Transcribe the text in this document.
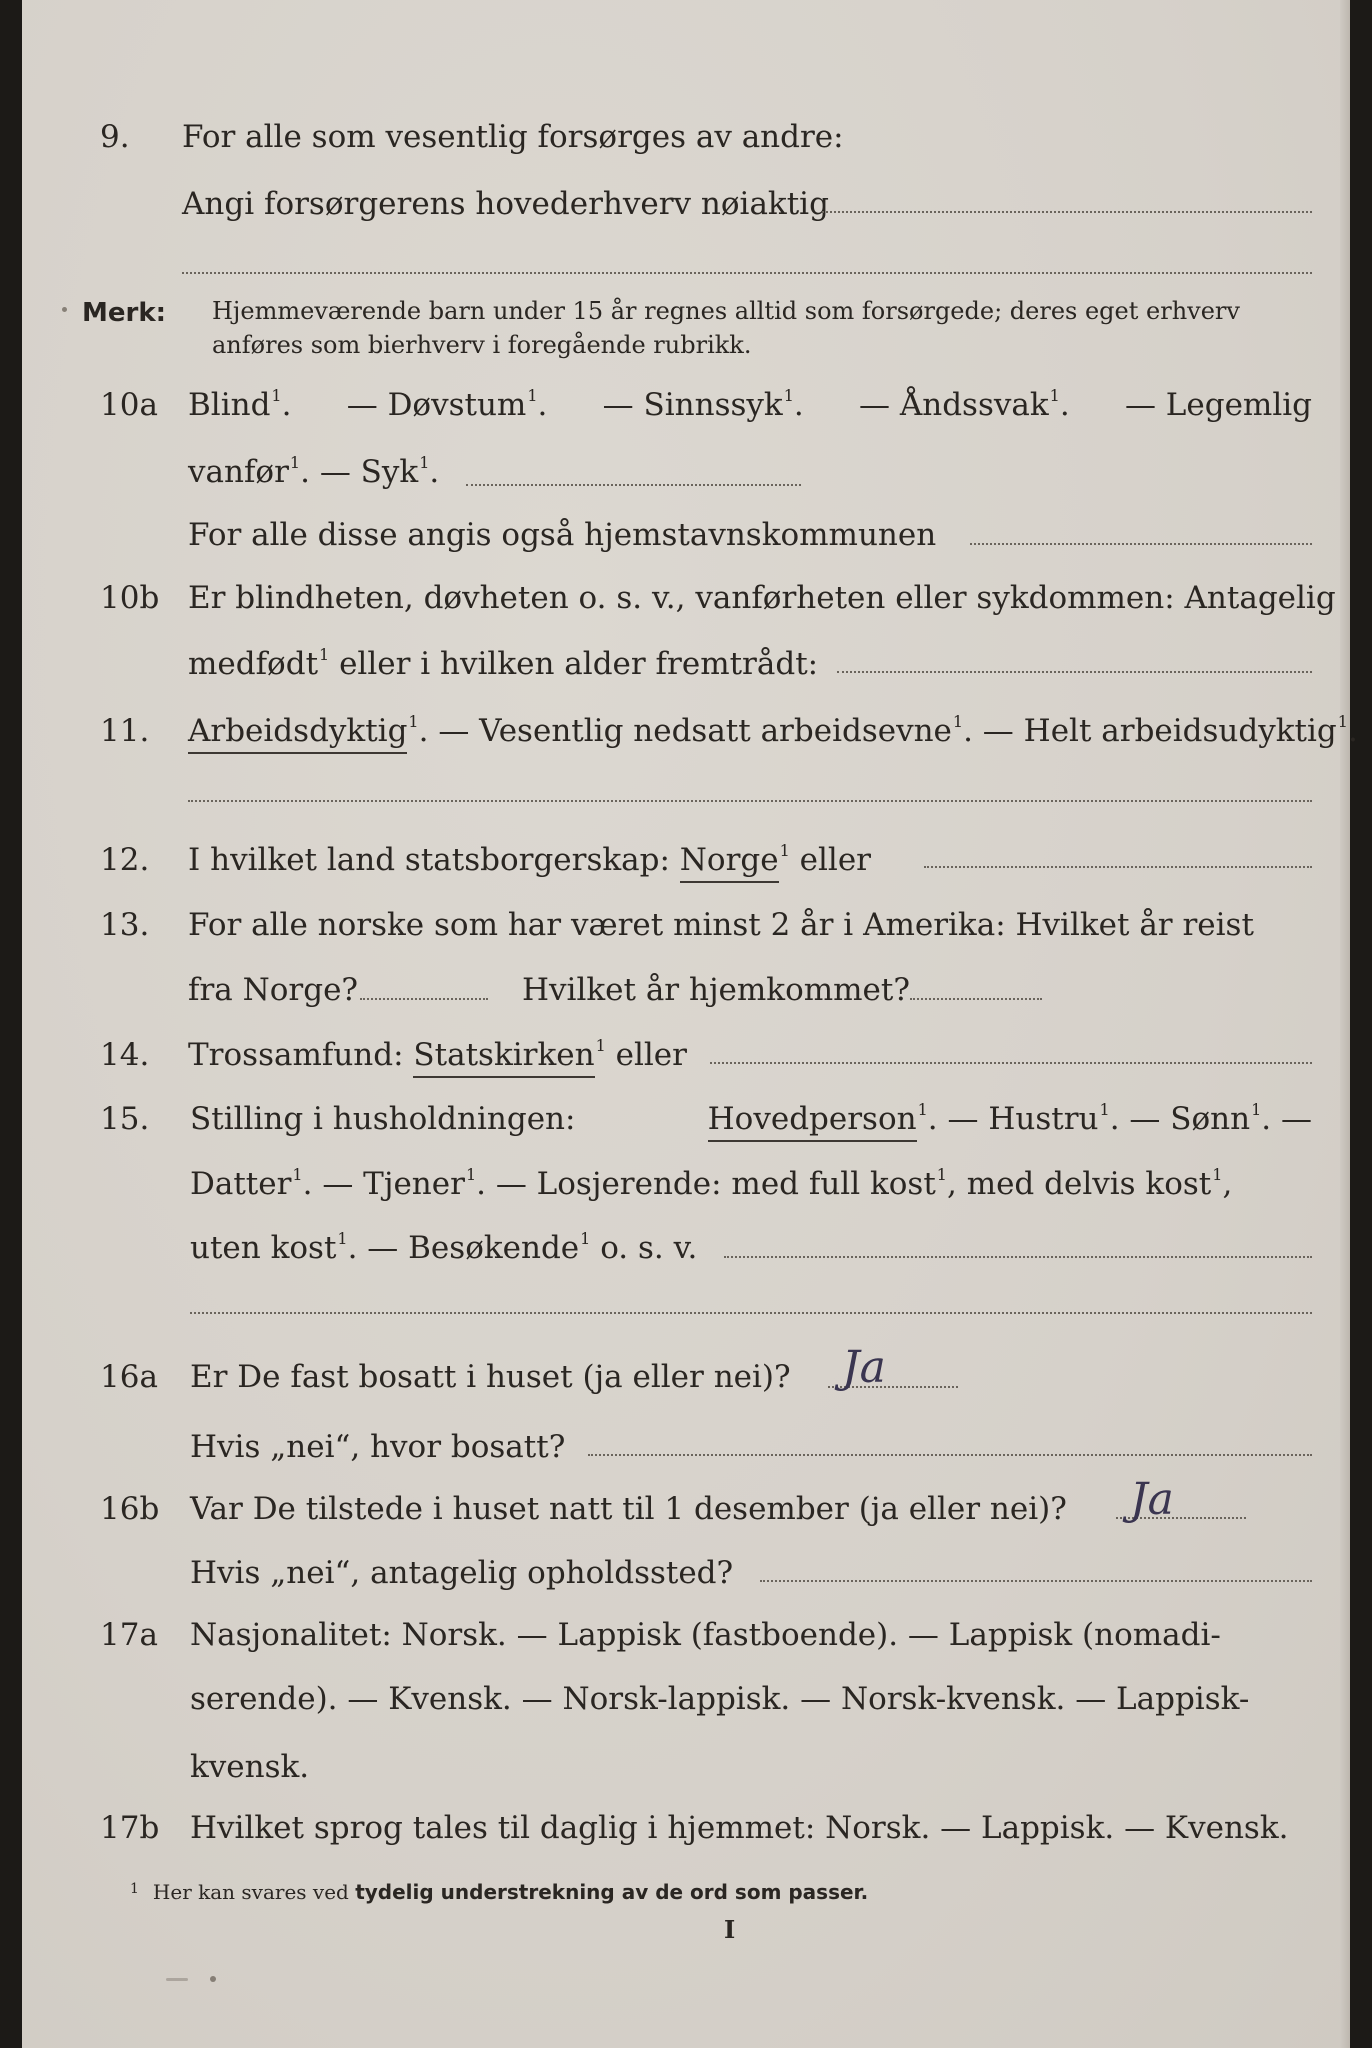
9. For alle som vesentlig forsørges av andre:
Angi forsørgerens hovederhverv nøiaktig
Merk: Hjemmeværende barn under 15 år regnes alltid som forsørgede; deres eget erhverv
anføres som bierhverv i foregående rubrikk.
10a Blind$^1$. — Døvstum$^1$. — Sinnssyk$^1$. — Åndssvak$^1$. — Legemlig
vanfør$^1$. — Syk$^1$.
For alle disse angis også hjemstavnskommunen
10b Er blindheten, døvheten o. s. v., vanførheten eller sykdommen: Antagelig
medfødt$^1$ eller i hvilken alder fremtrådt:
11. Arbeidsdyktig$^1$. — Vesentlig nedsatt arbeidsevne$^1$. — Helt arbeidsudyktig$^1$.
12. I hvilket land statsborgerskap: Norge$^1$ eller
13. For alle norske som har været minst 2 år i Amerika: Hvilket år reist
fra Norge?	Hvilket år hjemkommet?
14. Trossamfund: Statskirken$^1$ eller
15. Stilling i husholdningen:	Hovedperson$^1$. — Hustru$^1$. — Sønn$^1$. —
Datter$^1$. — Tjener$^1$. — Losjerende: med full kost$^1$, med delvis kost$^1$,
uten kost$^1$. — Besøkende$^1$ o. s. v.
16a Er De fast bosatt i huset (ja eller nei)? Ja
Hvis „nei“, hvor bosatt?
16b Var De tilstede i huset natt til 1 desember (ja eller nei)? Ja
Hvis „nei“, antagelig opholdssted?
17a Nasjonalitet: Norsk. — Lappisk (fastboende). — Lappisk (nomadi-
serende). — Kvensk. — Norsk-lappisk. — Norsk-kvensk. — Lappisk-
kvensk.
17b Hvilket sprog tales til daglig i hjemmet: Norsk. — Lappisk. — Kvensk.
$^1$ Her kan svares ved tydelig understrekning av de ord som passer.
I
